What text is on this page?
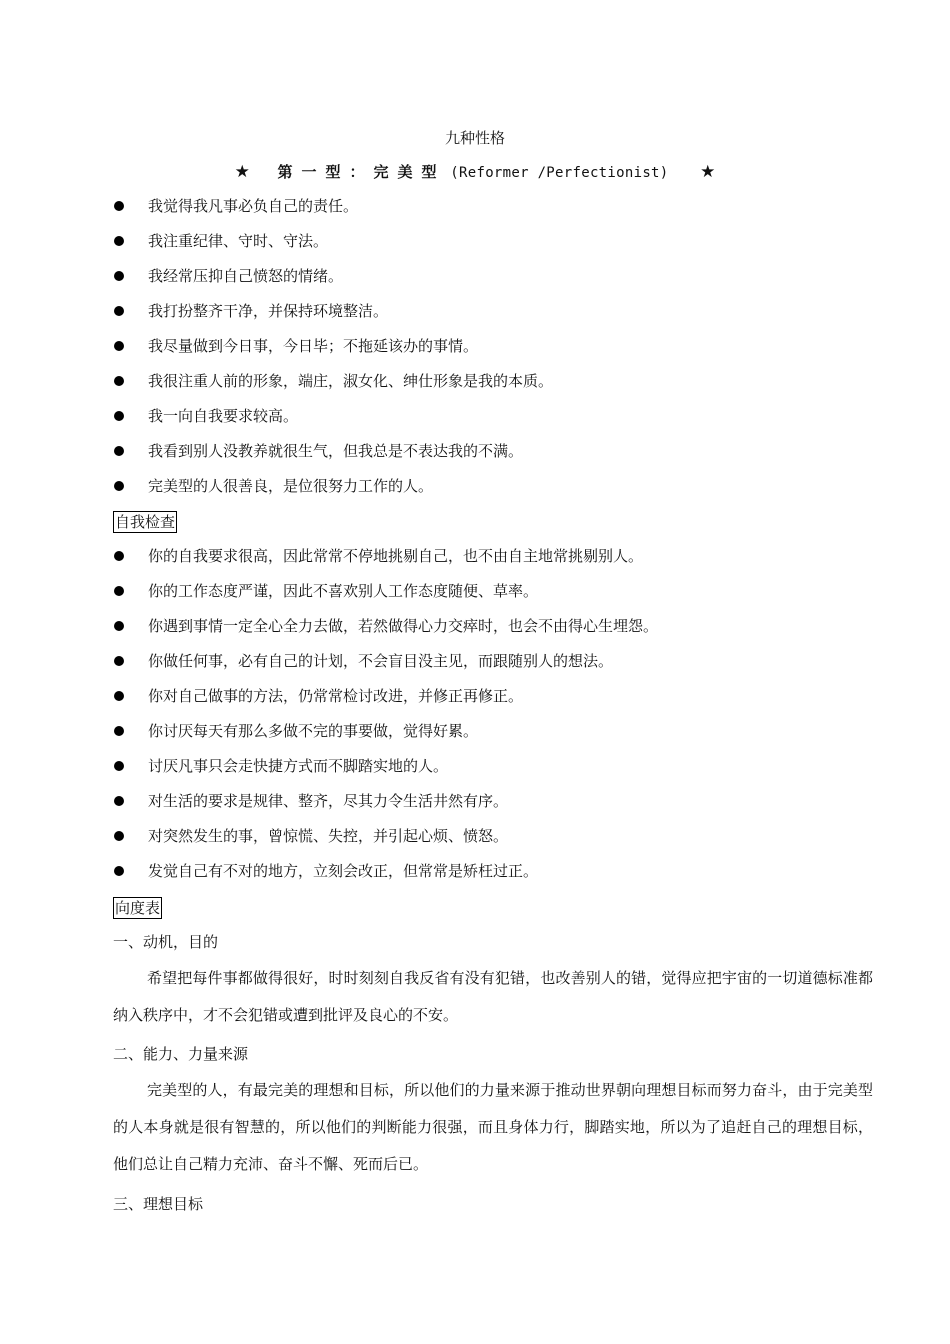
九种性格
★ 第一型：完美型 (Reformer /Perfectionist) ★
我觉得我凡事必负自己的责任。
我注重纪律、守时、守法。
我经常压抑自己愤怒的情绪。
我打扮整齐干净，并保持环境整洁。
我尽量做到今日事，今日毕；不拖延该办的事情。
我很注重人前的形象，端庄，淑女化、绅仕形象是我的本质。
我一向自我要求较高。
我看到别人没教养就很生气，但我总是不表达我的不满。
完美型的人很善良，是位很努力工作的人。
自我检查
你的自我要求很高，因此常常不停地挑剔自己，也不由自主地常挑剔别人。
你的工作态度严谨，因此不喜欢别人工作态度随便、草率。
你遇到事情一定全心全力去做，若然做得心力交瘁时，也会不由得心生埋怨。
你做任何事，必有自己的计划，不会盲目没主见，而跟随别人的想法。
你对自己做事的方法，仍常常检讨改进，并修正再修正。
你讨厌每天有那么多做不完的事要做，觉得好累。
讨厌凡事只会走快捷方式而不脚踏实地的人。
对生活的要求是规律、整齐，尽其力令生活井然有序。
对突然发生的事，曾惊慌、失控，并引起心烦、愤怒。
发觉自己有不对的地方，立刻会改正，但常常是矫枉过正。
向度表
一、动机，目的

希望把每件事都做得很好，时时刻刻自我反省有没有犯错，也改善别人的错，觉得应把宇宙的一切道德标准都纳入秩序中，才不会犯错或遭到批评及良心的不安。

二、能力、力量来源

完美型的人，有最完美的理想和目标，所以他们的力量来源于推动世界朝向理想目标而努力奋斗，由于完美型的人本身就是很有智慧的，所以他们的判断能力很强，而且身体力行，脚踏实地，所以为了追赶自己的理想目标，他们总让自己精力充沛、奋斗不懈、死而后已。

三、理想目标
